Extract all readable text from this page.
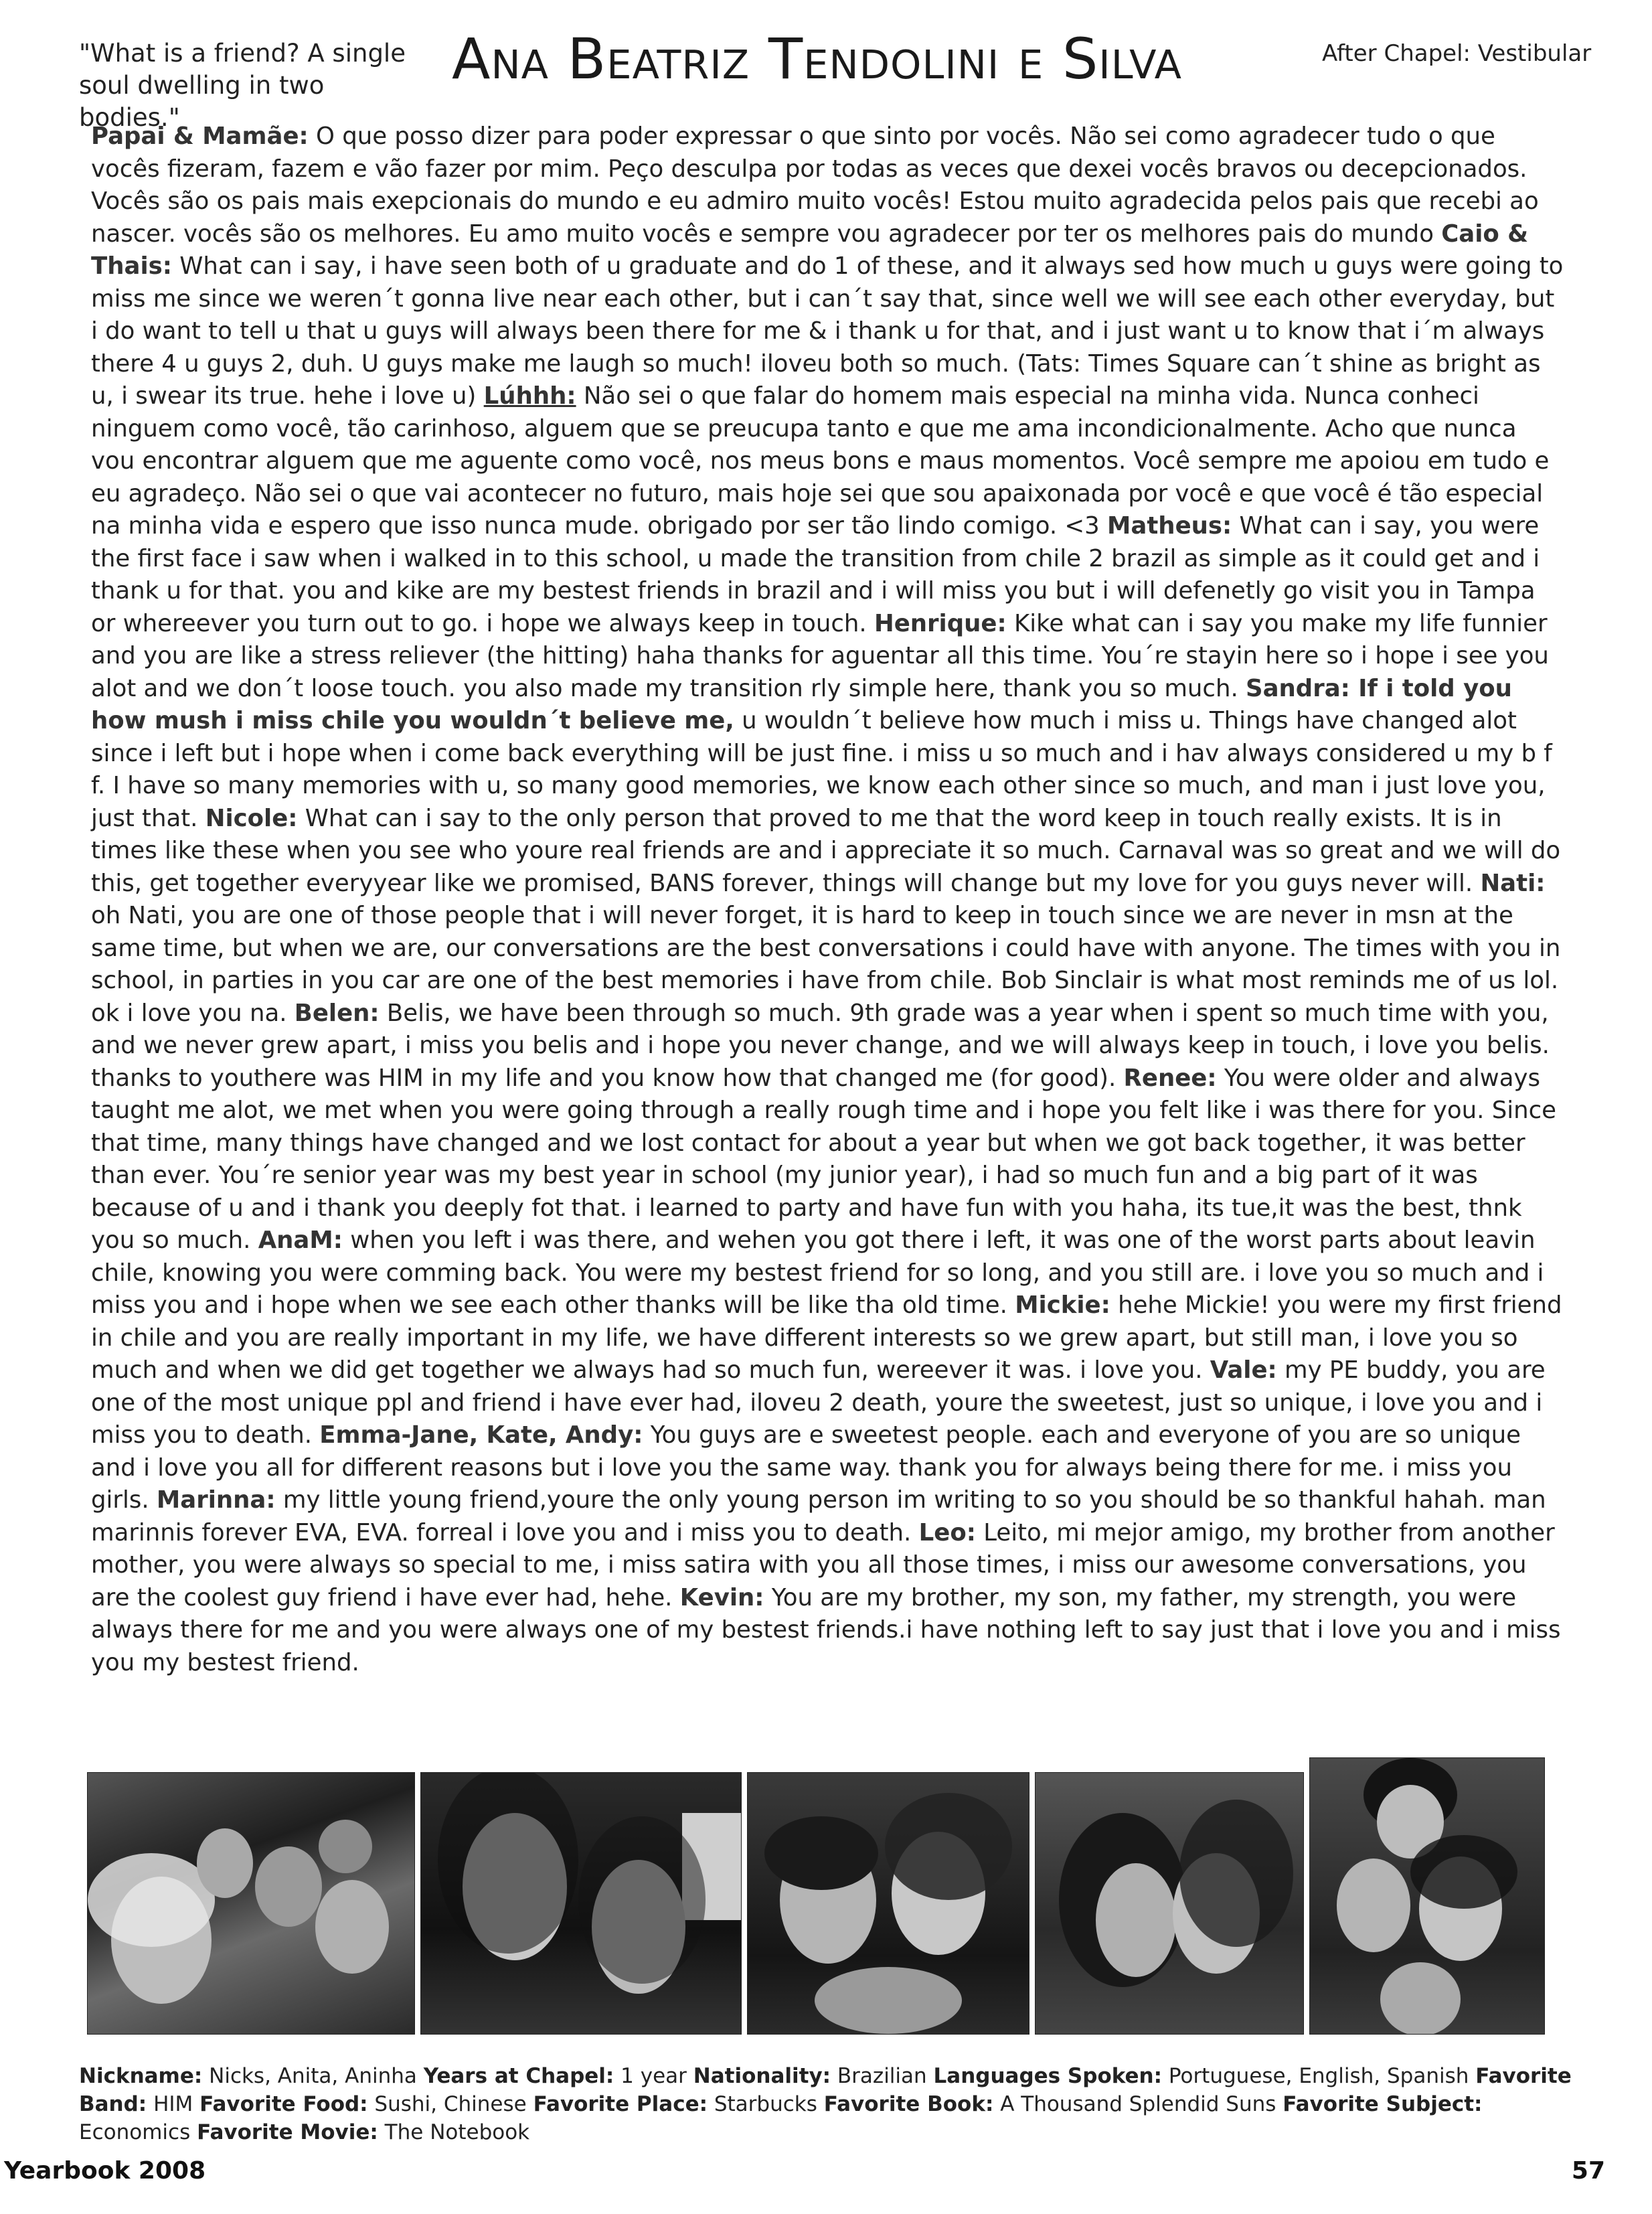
"What is a friend? A single soul dwelling in two bodies."
Ana Beatriz Tendolini e Silva	After Chapel: Vestibular
Papai & Mamãe: O que posso dizer para poder expressar o que sinto por vocês. Não sei como agradecer tudo o que vocês fizeram, fazem e vão fazer por mim. Peço desculpa por todas as veces que dexei vocês bravos ou decepcionados. Vocês são os pais mais exepcionais do mundo e eu admiro muito vocês! Estou muito agradecida pelos pais que recebi ao nascer. vocês são os melhores. Eu amo muito vocês e sempre vou agradecer por ter os melhores pais do mundo Caio & Thais: What can i say, i have seen both of u graduate and do 1 of these, and it always sed how much u guys were going to miss me since we weren´t gonna live near each other, but i can´t say that, since well we will see each other everyday, but i do want to tell u that u guys will always been there for me & i thank u for that, and i just want u to know that i´m always there 4 u guys 2, duh. U guys make me laugh so much! iloveu both so much. (Tats: Times Square can´t shine as bright as u, i swear its true. hehe i love u) Lúhhh: Não sei o que falar do homem mais especial na minha vida. Nunca conheci ninguem como você, tão carinhoso, alguem que se preucupa tanto e que me ama incondicionalmente. Acho que nunca vou encontrar alguem que me aguente como você, nos meus bons e maus momentos. Você sempre me apoiou em tudo e eu agradeço. Não sei o que vai acontecer no futuro, mais hoje sei que sou apaixonada por você e que você é tão especial na minha vida e espero que isso nunca mude. obrigado por ser tão lindo comigo. <3 Matheus: What can i say, you were the first face i saw when i walked in to this school, u made the transition from chile 2 brazil as simple as it could get and i thank u for that. you and kike are my bestest friends in brazil and i will miss you but i will defenetly go visit you in Tampa or whereever you turn out to go. i hope we always keep in touch. Henrique: Kike what can i say you make my life funnier and you are like a stress reliever (the hitting) haha thanks for aguentar all this time. You´re stayin here so i hope i see you alot and we don´t loose touch. you also made my transition rly simple here, thank you so much. Sandra: If i told you how mush i miss chile you wouldn´t believe me, u wouldn´t believe how much i miss u. Things have changed alot since i left but i hope when i come back everything will be just fine. i miss u so much and i hav always considered u my b f f. I have so many memories with u, so many good memories, we know each other since so much, and man i just love you, just that. Nicole: What can i say to the only person that proved to me that the word keep in touch really exists. It is in times like these when you see who youre real friends are and i appreciate it so much. Carnaval was so great and we will do this, get together everyyear like we promised, BANS forever, things will change but my love for you guys never will. Nati: oh Nati, you are one of those people that i will never forget, it is hard to keep in touch since we are never in msn at the same time, but when we are, our conversations are the best conversations i could have with anyone. The times with you in school, in parties in you car are one of the best memories i have from chile. Bob Sinclair is what most reminds me of us lol. ok i love you na. Belen: Belis, we have been through so much. 9th grade was a year when i spent so much time with you, and we never grew apart, i miss you belis and i hope you never change, and we will always keep in touch, i love you belis. thanks to youthere was HIM in my life and you know how that changed me (for good). Renee: You were older and always taught me alot, we met when you were going through a really rough time and i hope you felt like i was there for you. Since that time, many things have changed and we lost contact for about a year but when we got back together, it was better than ever. You´re senior year was my best year in school (my junior year), i had so much fun and a big part of it was because of u and i thank you deeply fot that. i learned to party and have fun with you haha, its tue,it was the best, thnk you so much. AnaM: when you left i was there, and wehen you got there i left, it was one of the worst parts about leavin chile, knowing you were comming back. You were my bestest friend for so long, and you still are. i love you so much and i miss you and i hope when we see each other thanks will be like tha old time. Mickie: hehe Mickie! you were my first friend in chile and you are really important in my life, we have different interests so we grew apart, but still man, i love you so much and when we did get together we always had so much fun, wereever it was. i love you. Vale: my PE buddy, you are one of the most unique ppl and friend i have ever had, iloveu 2 death, youre the sweetest, just so unique, i love you and i miss you to death. Emma-Jane, Kate, Andy: You guys are e sweetest people. each and everyone of you are so unique and i love you all for different reasons but i love you the same way. thank you for always being there for me. i miss you girls. Marinna: my little young friend,youre the only young person im writing to so you should be so thankful hahah. man marinnis forever EVA, EVA. forreal i love you and i miss you to death. Leo: Leito, mi mejor amigo, my brother from another mother, you were always so special to me, i miss satira with you all those times, i miss our awesome conversations, you are the coolest guy friend i have ever had, hehe. Kevin: You are my brother, my son, my father, my strength, you were always there for me and you were always one of my bestest friends.i have nothing left to say just that i love you and i miss you my bestest friend.
Nickname: Nicks, Anita, Aninha Years at Chapel: 1 year Nationality: Brazilian Languages Spoken: Portuguese, English, Spanish Favorite Band: HIM Favorite Food: Sushi, Chinese Favorite Place: Starbucks Favorite Book: A Thousand Splendid Suns Favorite Subject: Economics Favorite Movie: The Notebook
Yearbook 2008	57
